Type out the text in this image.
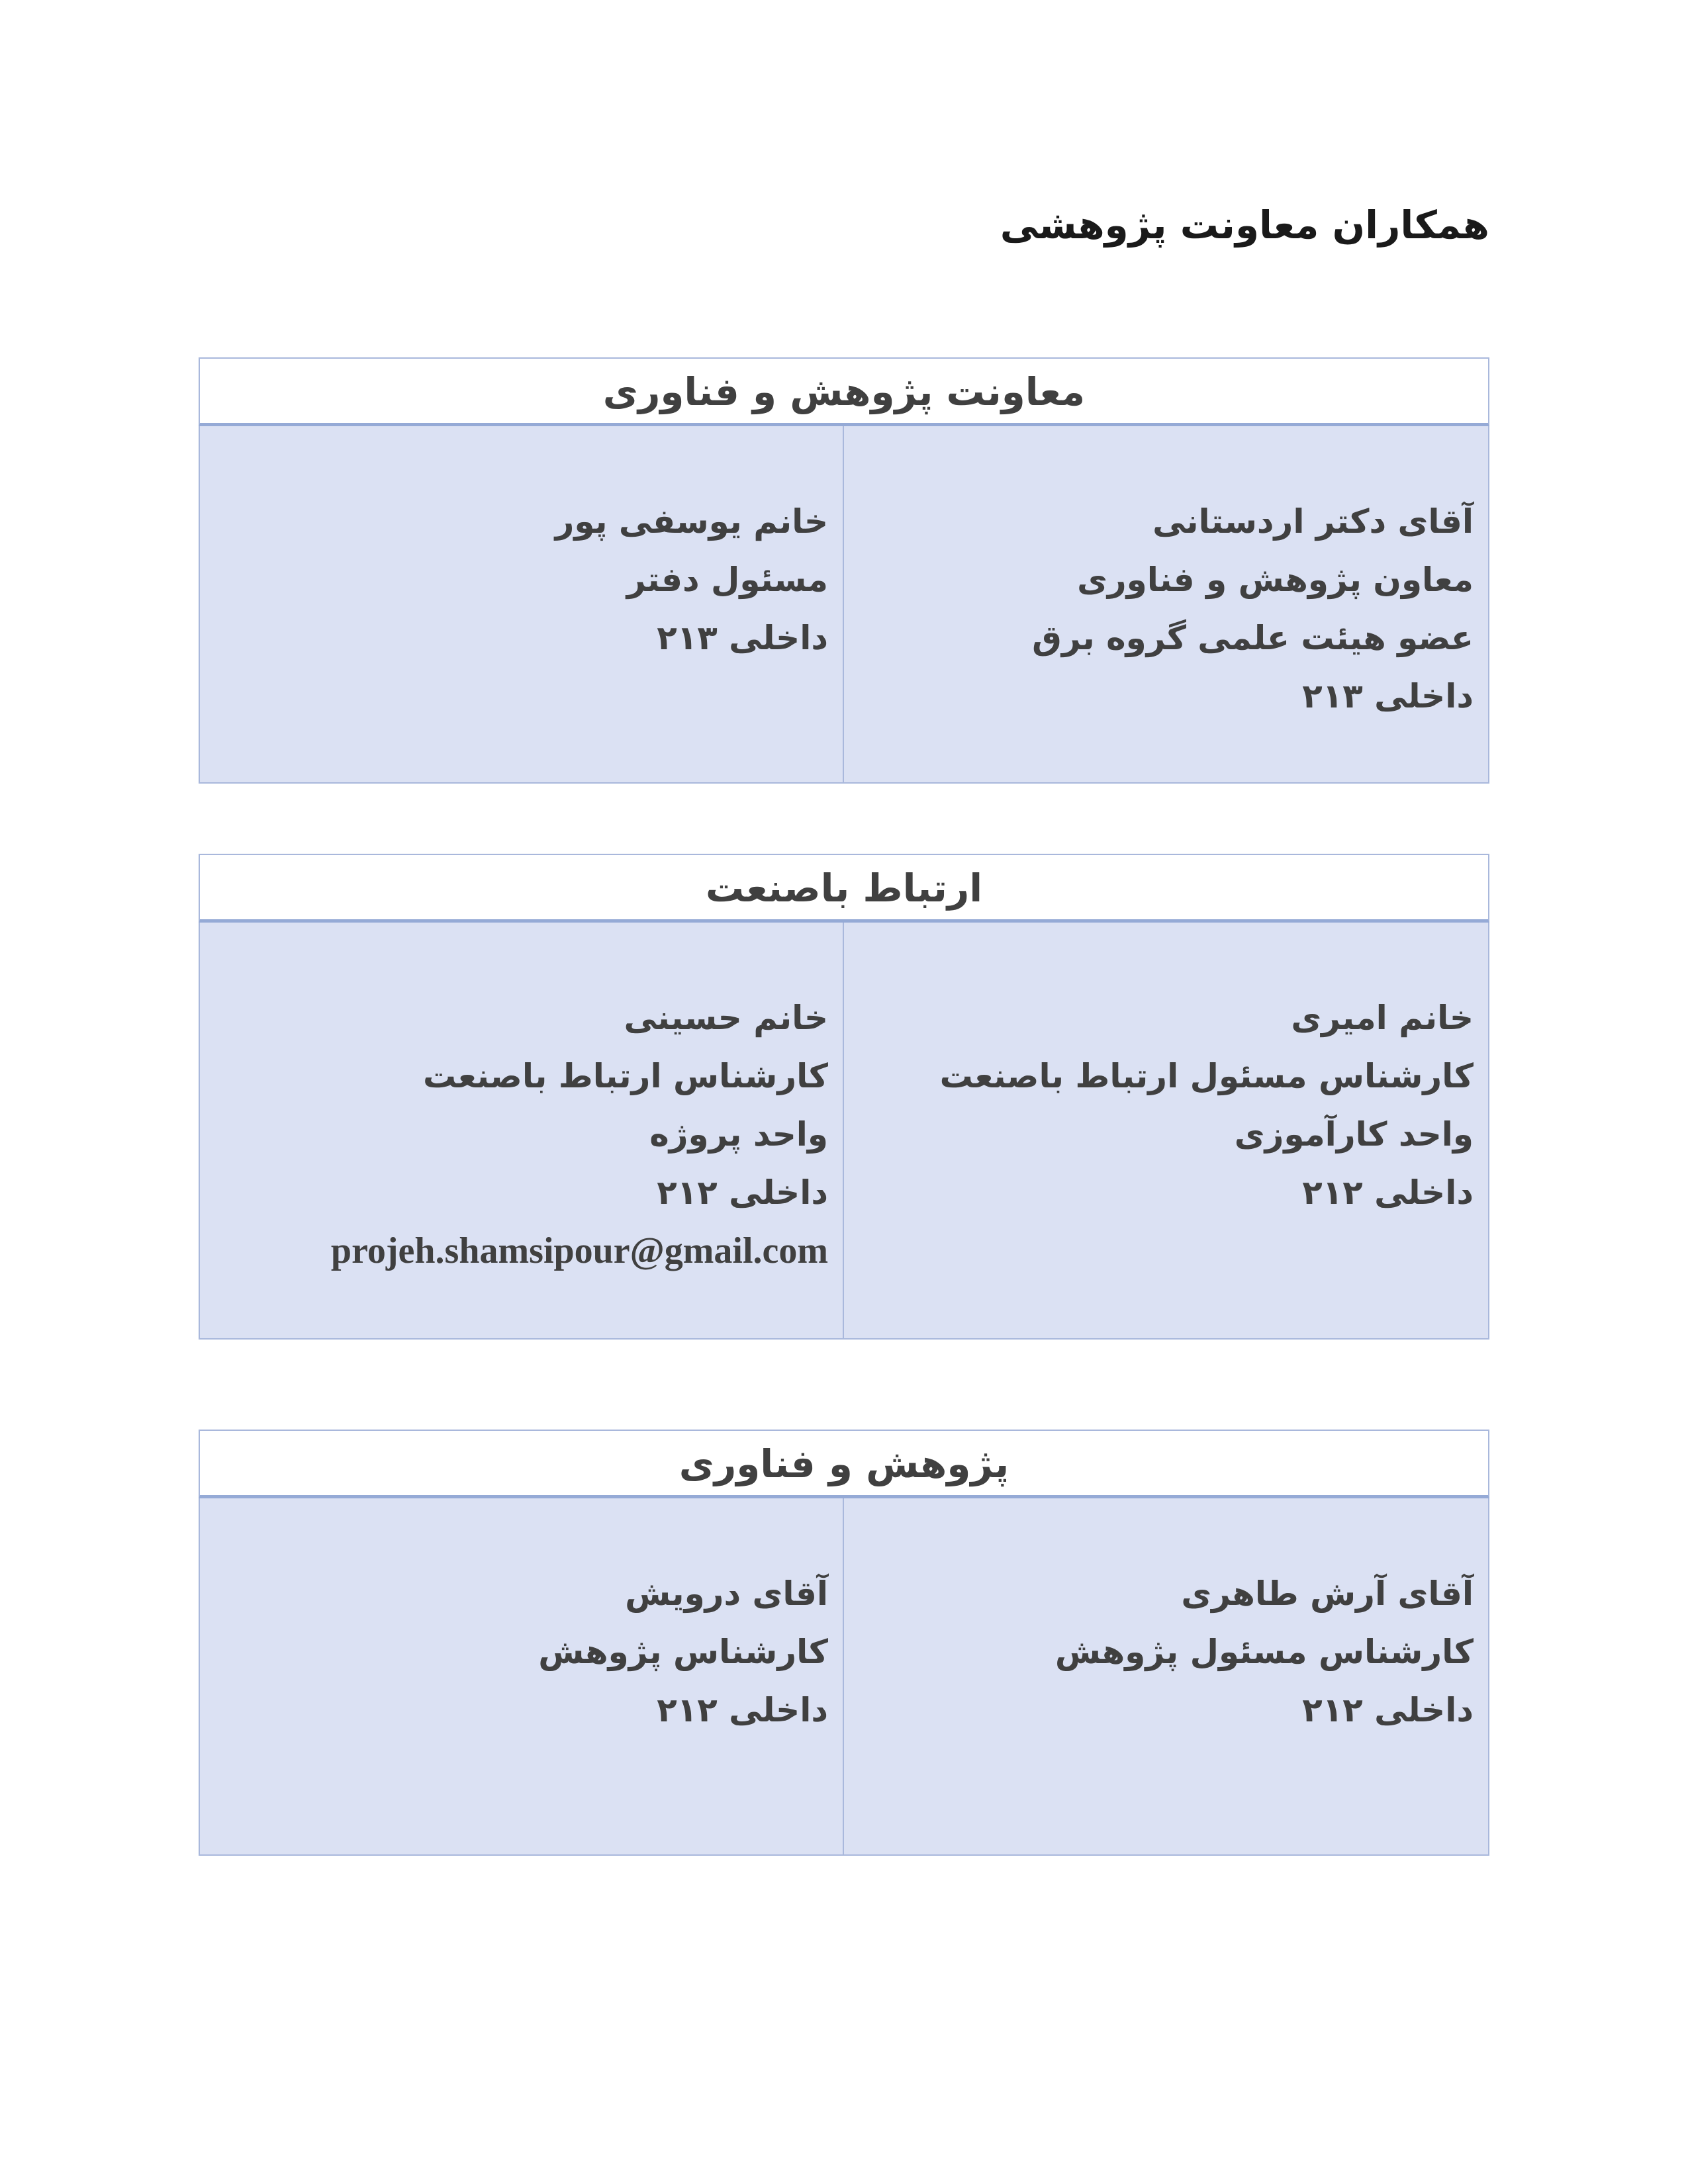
همکاران معاونت پژوهشی
معاونت پژوهش و فناوری
آقای دکتر اردستانی
معاون پژوهش و فناوری
عضو هیئت علمی گروه برق
داخلی ۲۱۳
خانم یوسفی پور
مسئول دفتر
داخلی ۲۱۳
ارتباط باصنعت
خانم امیری
کارشناس مسئول ارتباط باصنعت
واحد کارآموزی
داخلی ۲۱۲
خانم حسینی
کارشناس ارتباط باصنعت
واحد پروژه
داخلی ۲۱۲
projeh.shamsipour@gmail.com
پژوهش و فناوری
آقای آرش طاهری
کارشناس مسئول پژوهش
داخلی ۲۱۲
آقای درویش
کارشناس پژوهش
داخلی ۲۱۲
